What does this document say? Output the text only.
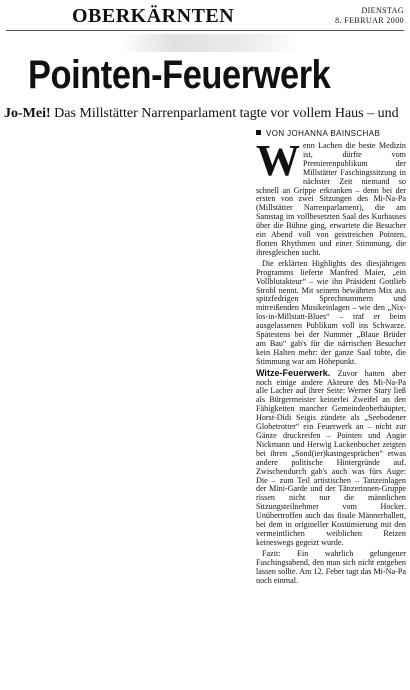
OBERKÄRNTEN	DIENSTAG
8. FEBRUAR 2000
Pointen-Feuerwerk
Jo-Mei! Das Millstätter Narrenparlament tagte vor vollem Haus – und
VON JOHANNA BAINSCHAB

Wenn Lachen die beste Medizin ist, dürfte vom Premierenpublikum der Millstätter Faschingssitzung in nächster Zeit niemand so schnell an Grippe erkranken – denn bei der ersten von zwei Sitzungen des Mi-Na-Pa (Millstätter Narrenparlament), die am Samstag im vollbesetzten Saal des Kurhauses über die Bühne ging, erwartete die Besucher ein Abend voll von geistreichen Pointen, flotten Rhythmen und einer Stimmung, die ihresgleichen sucht.

Die erklärten Highlights des diesjährigen Programms lieferte Manfred Maier, „ein Vollblutakteur“ – wie ihn Präsident Gottlieb Strobl nennt. Mit seinem bewährten Mix aus spitzfedrigen Sprechnummern und mitreißenden Musikeinlagen – wie den „Nix-los-in-Millstatt-Blues“ – traf er beim ausgelassenen Publikum voll ins Schwarze. Spätestens bei der Nummer „Blaue Brüder am Bau“ gab's für die närrischen Besucher kein Halten mehr: der ganze Saal tobte, die Stimmung war am Höhepunkt.

Witze-Feuerwerk. Zuvor hatten aber noch einige andere Akteure des Mi-Na-Pa alle Lacher auf ihrer Seite: Werner Stary ließ als Bürgermeister keinerlei Zweifel an den Fähigkeiten mancher Gemeindeoberhäupter, Horst-Didi Seigis zündete als „Seebodener Globetrotter“ ein Feuerwerk an – nicht zur Gänze druckreifen – Pointen und Angie Nickmann und Herwig Lackenbucher zeigten bei ihren „Sond(ier)kastngesprächen“ etwas andere politische Hintergründe auf. Zwischendurch gab's auch was fürs Auge: Die – zum Teil artistischen – Tanzeinlagen der Mini-Garde und der Tänzerinnen-Gruppe rissen nicht nur die männlichen Sitzungsteilnehmer vom Hocker. Unübertroffen auch das finale Männerballett, bei dem in origineller Kostümierung mit den vermeintlichen weiblichen Reizen keineswegs gegeizt wurde.

Fazit: Ein wahrlich gelungener Faschingsabend, den man sich nicht entgehen lassen sollte. Am 12. Feber tagt das Mi-Na-Pa noch einmal.
